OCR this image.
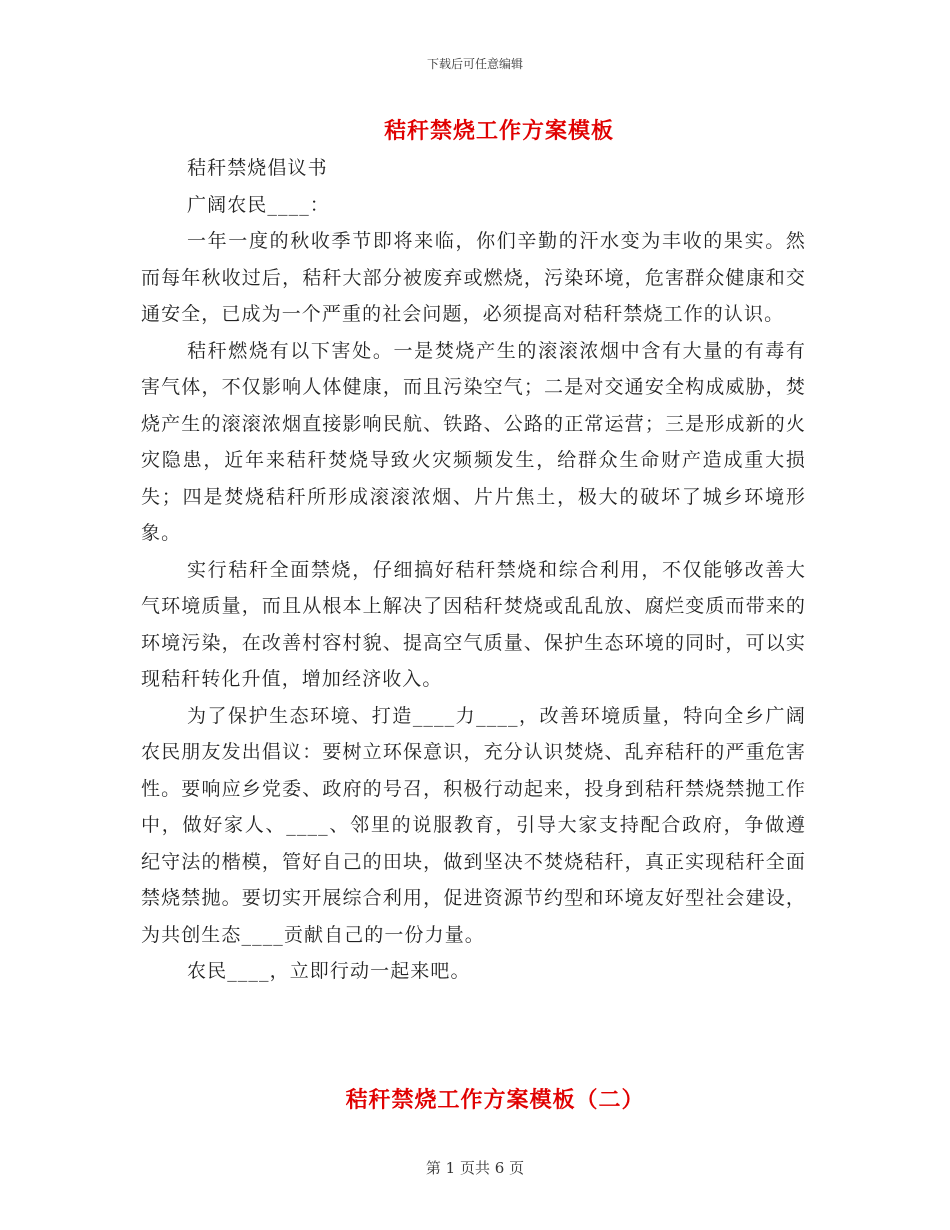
下载后可任意编辑
秸秆禁烧工作方案模板

秸秆禁烧倡议书

广阔农民____：

一年一度的秋收季节即将来临，你们辛勤的汗水变为丰收的果实。然而每年秋收过后，秸秆大部分被废弃或燃烧，污染环境，危害群众健康和交通安全，已成为一个严重的社会问题，必须提高对秸秆禁烧工作的认识。

秸秆燃烧有以下害处。一是焚烧产生的滚滚浓烟中含有大量的有毒有害气体，不仅影响人体健康，而且污染空气；二是对交通安全构成威胁，焚烧产生的滚滚浓烟直接影响民航、铁路、公路的正常运营；三是形成新的火灾隐患，近年来秸秆焚烧导致火灾频频发生，给群众生命财产造成重大损失；四是焚烧秸秆所形成滚滚浓烟、片片焦土，极大的破坏了城乡环境形象。

实行秸秆全面禁烧，仔细搞好秸秆禁烧和综合利用，不仅能够改善大气环境质量，而且从根本上解决了因秸秆焚烧或乱乱放、腐烂变质而带来的环境污染，在改善村容村貌、提高空气质量、保护生态环境的同时，可以实现秸秆转化升值，增加经济收入。

为了保护生态环境、打造____力____，改善环境质量，特向全乡广阔农民朋友发出倡议：要树立环保意识，充分认识焚烧、乱弃秸秆的严重危害性。要响应乡党委、政府的号召，积极行动起来，投身到秸秆禁烧禁抛工作中，做好家人、____、邻里的说服教育，引导大家支持配合政府，争做遵纪守法的楷模，管好自己的田块，做到坚决不焚烧秸秆，真正实现秸秆全面禁烧禁抛。要切实开展综合利用，促进资源节约型和环境友好型社会建设，为共创生态____贡献自己的一份力量。

农民____，立即行动一起来吧。

秸秆禁烧工作方案模板（二）
第 1 页共 6 页
